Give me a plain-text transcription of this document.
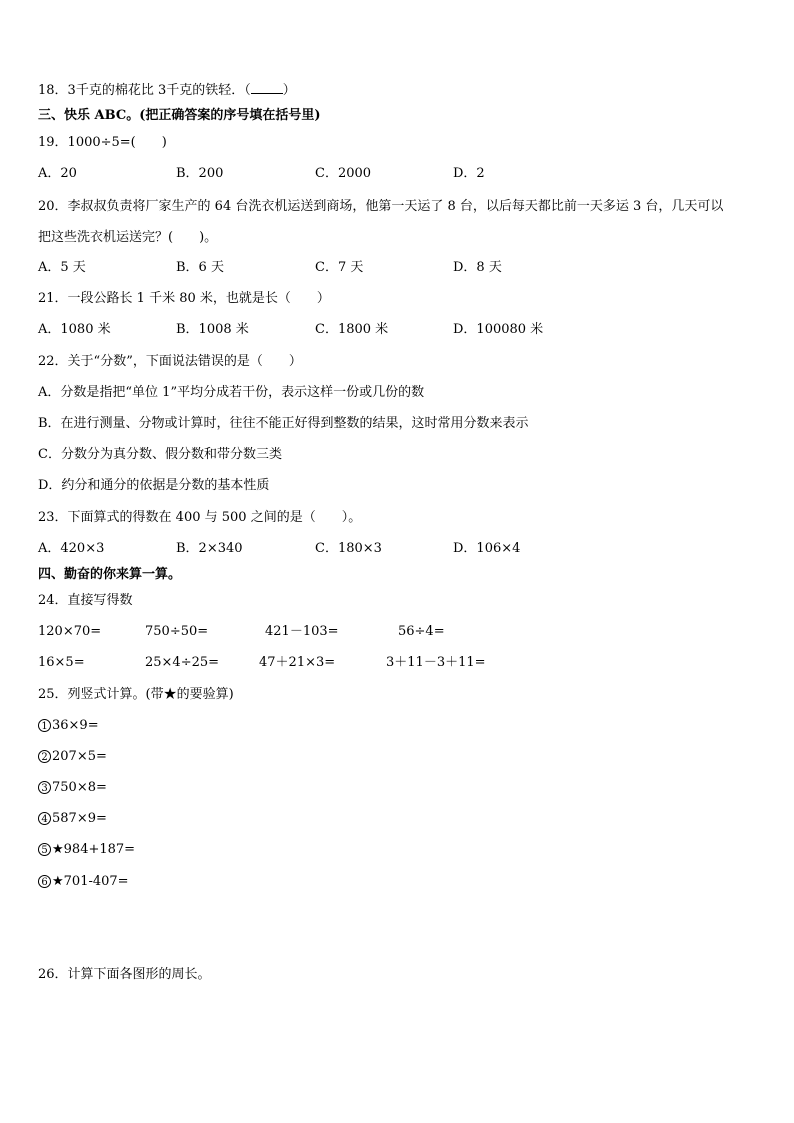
18．3千克的棉花比 3千克的铁轻．（ ）
三、快乐 ABC。(把正确答案的序号填在括号里)
19．1000÷5=(　　)
A．20	B．200	C．2000	D．2
20．李叔叔负责将厂家生产的 64 台洗衣机运送到商场，他第一天运了 8 台，以后每天都比前一天多运 3 台，几天可以
把这些洗衣机运送完？(　　)。
A．5 天	B．6 天	C．7 天	D．8 天
21．一段公路长 1 千米 80 米，也就是长（　　）
A．1080 米	B．1008 米	C．1800 米	D．100080 米
22．关于“分数”，下面说法错误的是（　　）
A．分数是指把“单位 1”平均分成若干份，表示这样一份或几份的数
B．在进行测量、分物或计算时，往往不能正好得到整数的结果，这时常用分数来表示
C．分数分为真分数、假分数和带分数三类
D．约分和通分的依据是分数的基本性质
23．下面算式的得数在 400 与 500 之间的是（　　）。
A．420×3	B．2×340	C．180×3	D．106×4
四、勤奋的你来算一算。
24．直接写得数
120×70=	750÷50=	421－103=	56÷4=
16×5=	25×4÷25=	47＋21×3=	3＋11－3＋11=
25．列竖式计算。(带★的要验算)
1 36×9=
2 207×5=
3 750×8=
4 587×9=
5 ★984+187=
6 ★701-407=
26．计算下面各图形的周长。
